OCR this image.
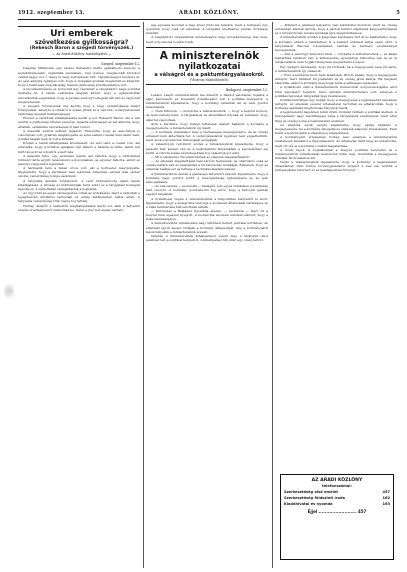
1912. szeptember 13.	ARADI KÖZLÖNY.	5

Uri emberek

szövetkezése gyilkosságra?

(Rekesch Baron a szegedi törvényszék.)

— Az Aradi Közlöny tudósítójától —

Szeged, szeptember 12.

Izsépfán Márkusné, egy összes tiszteletre méltó gazdálkodó asszony, a legtekintélyesebb családnak szemében, régi nemes, megbecsült birtokos család tagja, hol ő maga is nagy befolyással birt, öngyilkosságot követett el. Az eset annyira rejtélyes volt, hogy a vizsgálat azonnal megindult és kiderült, hogy a halál nem öngyilkosság, hanem gyilkosság következménye volt.

A következményes és bonyolult ügy részleteit a vizsgálóbíró nagy gonddal derítette ki. A tanúk vallomása alapján kitűnt, hogy a gyanúsítottak szövetkeztek egymással, hogy a gazdag asszonyt eltegyék láb alól és vagyonát megszerezzék.

A szegedi törvényszék ma kezdte meg a nagy érdeklődéssel kísért főtárgyalást, amelyre a vidékről is sokan jöttek be a városba. A tárgyalóterem zsúfolásig megtelt hallgatósággal.

Először a vádlottak kihallgatására került a sor. Rekesch Baron, aki a vád szerint a gyilkosság értelmi szerzője, tagadta bűnösségét és azt állította, hogy ártatlan, semmiféle szövetkezésről nem tudott.

A második vádlott szintén tagadott. Elmondta, hogy az asszonnyal jó viszonyban volt, gyakran meglátogatta és soha semmi rosszat nem akart neki. A halál napján nem is volt a faluban.

Ezután a tanúk kihallgatása következett. Az első tanú a cseléd volt, aki elmondta, hogy a kritikus éjszakán zajt hallott a házban és látta, amint két férfi távozott az udvarról a kert felé.

A második tanú, egy szomszéd gazda, azt vallotta, hogy a vádlottakat többször látta együtt tanácskozni a korcsmában, és egyszer hallotta, amint az asszony vagyonáról beszéltek.

A harmadik tanú a falusi orvos volt, aki a holttestet megvizsgálta. Kijelentette, hogy a sérülések nem lehetnek önkezűek, azokat más ember okozta, valószínűleg tompa eszközzel.

A tárgyalás délután folytatódott. A védő indítványozta újabb tanúk kihallgatását, a bíróság az indítványnak helyt adott és a tárgyalást holnapra napolta el. A vádlottakat visszakísérték a fogházba.

Az ügy iránt az egész vármegyében óriási az érdeklődés, mert a vádlottak a legelőkelőbb körökhöz tartoznak és eddig feddhetetlen életet éltek. A tárgyalás valószínűleg több napig fog tartani.

Holnap délelőtt a szakértők meghallgatására kerül sor, akik a helyszíni szemle eredményeiről számolnak be. Ítélet a jövő hét elején várható.

ség egyenes kocsival a meg közel jönni kis tanyára, mert a felügyelő úgy gondolta, hogy csak ott lehetnek. A vizsgálat eredménye ezután rövidesen kiderült.

A megindított vizsgálatnak mindenesetre nagy következménye lesz még, mert a nyomozás tovább folyik.

A miniszterelnök

nyilatkozatai

a válságról és a paktumtárgyalásokról.

Fővárosi tudósítónktól.

Budapest, szeptember 12.

Lukács László miniszterelnök ma délelőtt a Sándor-palotában fogadta a sajtó képviselőit és hosszabb nyilatkozatot tett a politikai helyzetről. A miniszterelnök kijelentette, hogy a kormány szilárdan áll és nem gondol lemondásra.

— Nem titkolom, — mondotta a miniszterelnök, — hogy a helyzet komoly, de nem reménytelen. A tárgyalások az ellenzékkel folynak és remélem, hogy sikerrel végződnek.

Arra a kérdésre, hogy milyen feltételek mellett hajlandó a kormány a megegyezésre, a miniszterelnök így felelt:

— A kormány mindenkor kész a tisztességes megegyezésre, de az ország érdekeit nem áldozhatja fel. A véderőjavaslatok ügyében nem engedhetünk, mert azok a monarchia biztonságát szolgálják.

A választójogi reformról szólva a miniszterelnök kijelentette, hogy a javaslat már készen van és a legközelebbi ülésszakban a képviselőház elé kerül. A reform széles néprétegeknek fog választójogot adni.

— Mi a véleménye Excellenciádnak az ellenzék magatartásáról?

— Az ellenzék magatartását nem tartom helyesnek. Az obstrukció csak az ország kárára van és megbénítja a törvényhozás munkáját. Remélem, hogy az ellenzék belátja ezt és felhagy a technikai akadályozással.

A miniszterelnök ezután a gazdasági helyzetről beszélt. Kijelentette, hogy a kormány nagy gondot fordít a mezőgazdaság fejlesztésére és az ipar támogatására.

— Az idei termés — mondotta — kielégítő, bár egyes vidékeken a szárazság kárt okozott. A kormány gondoskodni fog arról, hogy a károsult gazdák segélyt kapjanak.

A nyilatkozat végén a miniszterelnök a külpolitikai helyzetről is szólt. Kijelentette, hogy a monarchia viszonya a szomszéd államokkal barátságos és a béke fenntartása biztosítottnak látszik.

— Különösen a Balkánon figyelünk éberen, — mondotta — mert ott a helyzet nem egészen nyugodt. A monarchia azonban mindent elkövet, hogy a béke fennmaradjon.

A miniszterelnök nyilatkozata nagy feltűnést keltett politikai körökben. Az ellenzéki lapok élesen bírálják a kormány álláspontját, míg a kormánypárti lapok helyeslik a miniszterelnök szavait.

Délután a miniszterelnök kihallgatáson jelent meg a királynál, ahol jelentést tett a politikai helyzetről. A kihallgatás több mint egy óráig tartott.

— Mindezt a jelenlegi helyzetre való tekintettel mondom, mert az ország érdekében állónak tartom, hogy a pártok közötti ellentétek kiegyenlítődjenek és a törvényhozás rendes munkája újra megindulhasson.

A miniszterelnök ezután a kiegyezés kérdésére tért át és kijelentette, hogy a kormány ebben a tekintetben is a nemzet érdekeit tartja szem előtt. A tárgyalások Béccsel folyamatban vannak és kedvező eredménnyel kecsegtetnek.

— Ami a pénzügyi helyzetet illeti, — folytatta a miniszterelnök — az állam háztartása rendben van, a költségvetés egyensúlya biztosítva van és az új adójavaslatok nem fogják túlságosan megterhelni a népet.

Egy újságíró kérdésére, hogy mi történik, ha a megegyezés nem jön létre, a miniszterelnök így válaszolt:

— Erre a kérdésre most nem felelhetek. Bízom abban, hogy a megegyezés létrejön, mert mindkét fél jóakaratú és az ország javát akarja. Ha mégsem sikerülne, akkor a kormány meg fogja tenni a szükséges lépéseket.

A nyilatkozat után a miniszterelnök visszavonult dolgozószobájába, ahol több képviselőt fogadott. Késő délután minisztertanács volt, amelyen a politikai helyzetet tárgyalták meg részletesen.

Politikai körökben úgy tudják, hogy a megegyezés a legközelebbi napokban létrejön. Az ellenzék vezérei értekezletet tartottak és elhatározták, hogy a kormány ajánlatát megfontolás tárgyává teszik.

A legközelebbi napokban tehát döntő fordulat várható a politikai életben. A közvélemény nagy feszültséggel várja a tárgyalások eredményét, mert attól függ az ország sorsa a legközelebbi években.

Az ellenzék egyik vezére kijelentette, hogy pártja hajlandó a megegyezésre, ha a kormány elfogadja az ellenzék alapvető követeléseit. Ezek közül a legfontosabb a választójog kiterjesztése.

A kormánypárt értekezlete holnap lesz, amelyen a miniszterelnök részletesen beszámol a tárgyalásokról. Az értekezlet iránt nagy az érdeklődés, mert ott dől el a kormány további magatartása.

A bécsi lapok is foglalkoznak a magyar politikai helyzettel és a miniszterelnök nyilatkozatát kedvezően ítélik meg. Szerintük a megegyezés mindkét fél érdekében áll.

Végül a miniszterelnök kijelentette, hogy a kormány a legközelebbi ülésszakban több fontos törvényjavaslatot terjeszt a ház elé, köztük a közigazgatási reformot és az iparfejlesztési törvényt.

AZ ARADI KÖZLÖNY
telefonszámai:
Szerkesztőség első emelet	457
Szerkesztőség földszinti iroda	162
Kiadóhivatal és nyomda	163
Éjjel ......................... 457
